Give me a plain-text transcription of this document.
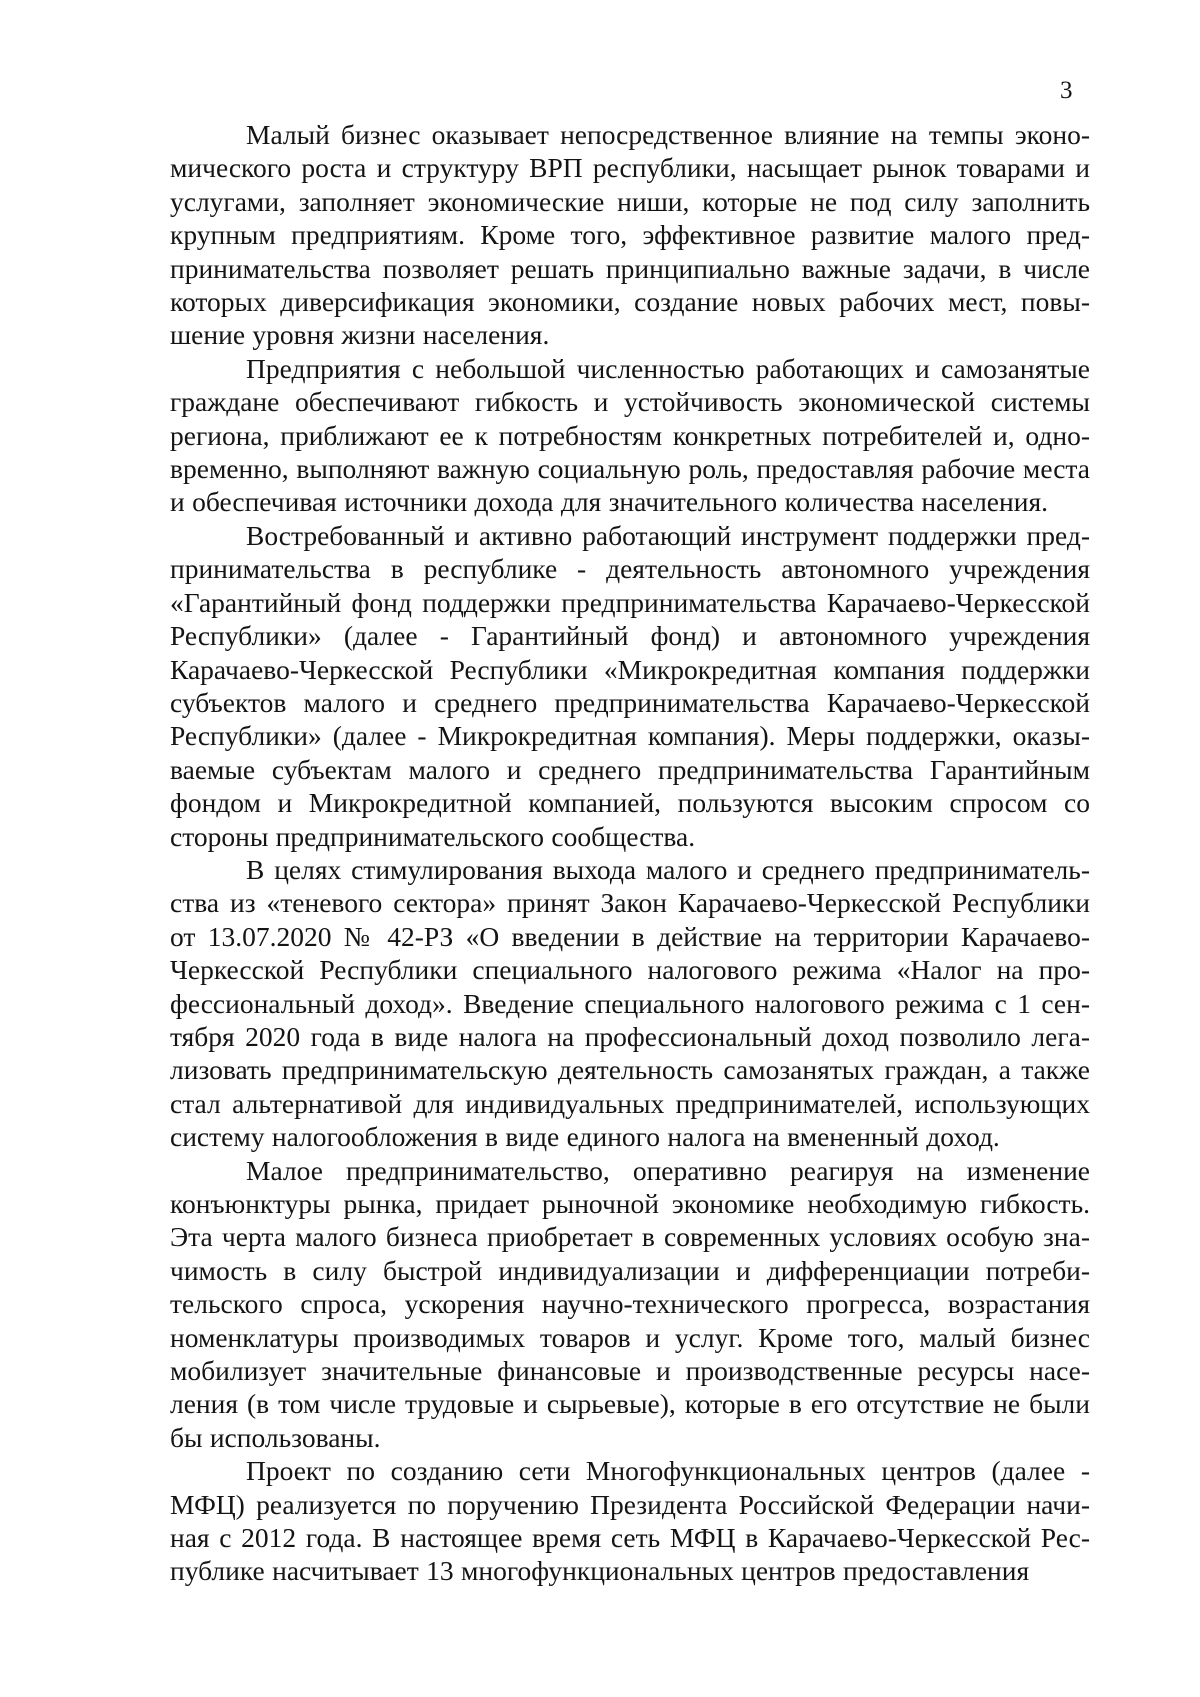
3

Малый бизнес оказывает непосредственное влияние на темпы экономического роста и структуру ВРП республики, насыщает рынок товарами и услугами, заполняет экономические ниши, которые не под силу заполнить крупным предприятиям. Кроме того, эффективное развитие малого предпринимательства позволяет решать принципиально важные задачи, в числе которых диверсификация экономики, создание новых рабочих мест, повышение уровня жизни населения.

Предприятия с небольшой численностью работающих и самозанятые граждане обеспечивают гибкость и устойчивость экономической системы региона, приближают ее к потребностям конкретных потребителей и, одновременно, выполняют важную социальную роль, предоставляя рабочие места и обеспечивая источники дохода для значительного количества населения.

Востребованный и активно работающий инструмент поддержки предпринимательства в республике - деятельность автономного учреждения «Гарантийный фонд поддержки предпринимательства Карачаево-Черкесской Республики» (далее - Гарантийный фонд) и автономного учреждения Карачаево-Черкесской Республики «Микрокредитная компания поддержки субъектов малого и среднего предпринимательства Карачаево-Черкесской Республики» (далее - Микрокредитная компания). Меры поддержки, оказываемые субъектам малого и среднего предпринимательства Гарантийным фондом и Микрокредитной компанией, пользуются высоким спросом со стороны предпринимательского сообщества.

В целях стимулирования выхода малого и среднего предпринимательства из «теневого сектора» принят Закон Карачаево-Черкесской Республики от 13.07.2020 № 42-РЗ «О введении в действие на территории Карачаево-Черкесской Республики специального налогового режима «Налог на профессиональный доход». Введение специального налогового режима с 1 сентября 2020 года в виде налога на профессиональный доход позволило легализовать предпринимательскую деятельность самозанятых граждан, а также стал альтернативой для индивидуальных предпринимателей, использующих систему налогообложения в виде единого налога на вмененный доход.

Малое предпринимательство, оперативно реагируя на изменение конъюнктуры рынка, придает рыночной экономике необходимую гибкость. Эта черта малого бизнеса приобретает в современных условиях особую значимость в силу быстрой индивидуализации и дифференциации потребительского спроса, ускорения научно-технического прогресса, возрастания номенклатуры производимых товаров и услуг. Кроме того, малый бизнес мобилизует значительные финансовые и производственные ресурсы населения (в том числе трудовые и сырьевые), которые в его отсутствие не были бы использованы.

Проект по созданию сети Многофункциональных центров (далее - МФЦ) реализуется по поручению Президента Российской Федерации начиная с 2012 года. В настоящее время сеть МФЦ в Карачаево-Черкесской Республике насчитывает 13 многофункциональных центров предоставления
